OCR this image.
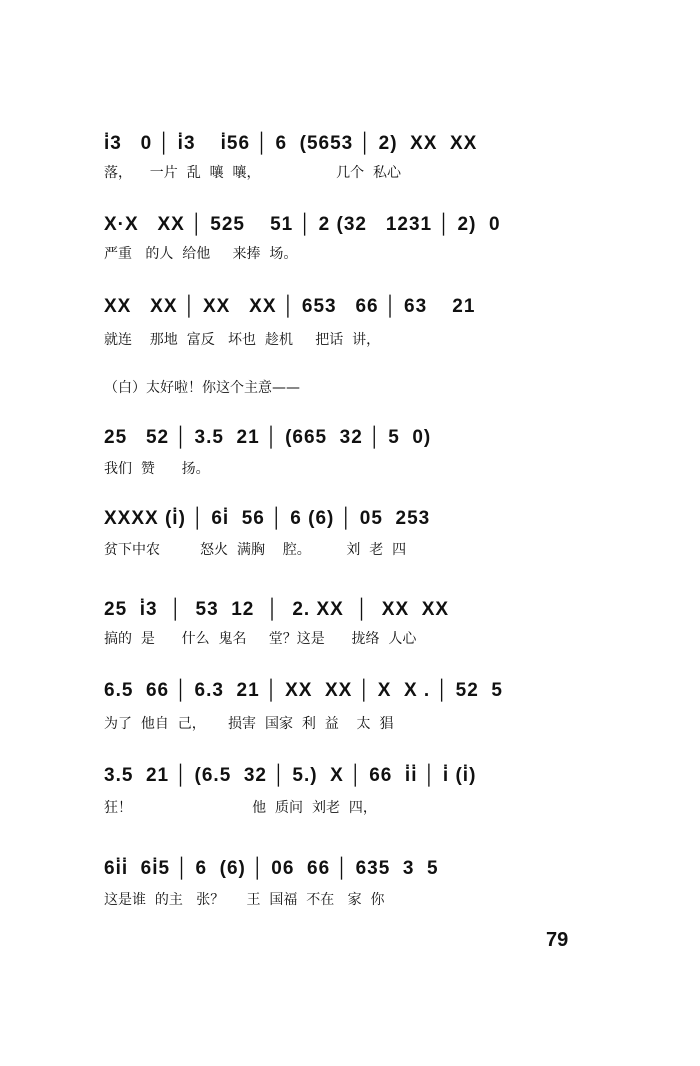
i̇3   0 │ i̇3    i̇56 │ 6  (5653 │ 2)  XX  XX
落，    一片  乱  嚷  嚷，                 几个  私心
X·X   XX │ 525    51 │ 2 (32   1231 │ 2)  0
严重   的人  给他     来捧  场。
XX   XX │ XX   XX │ 653   66 │ 63    21
就连    那地  富反   坏也  趁机     把话  讲，
（白）太好啦！你这个主意——
25   52 │ 3.5  21 │ (665  32 │ 5  0)
我们  赞      扬。
XXXX (i̇) │ 6i̇  56 │ 6 (6) │ 05  253
贫下中农         怒火  满胸    腔。        刘  老  四
25  i̇3  │  53  12  │  2. XX  │  XX  XX
搞的  是      什么  鬼名     堂？这是      拢络  人心
6.5  66 │ 6.3  21 │ XX  XX │ X  X . │ 52  5
为了  他自  己，     损害  国家  利  益    太  猖
3.5  21 │ (6.5  32 │ 5.)  X │ 66  i̇i̇ │ i̇ (i̇)
狂！                           他  质问  刘老  四，
6i̇i̇  6i̇5 │ 6  (6) │ 06  66 │ 635  3  5
这是谁  的主   张？     王  国福  不在   家  你
79
